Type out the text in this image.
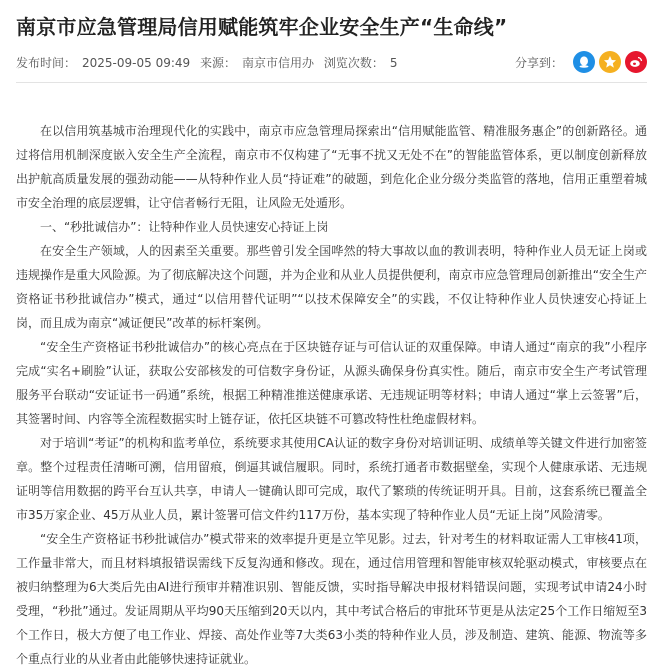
南京市应急管理局信用赋能筑牢企业安全生产“生命线”
发布时间： 2025-09-05 09:49 来源： 南京市信用办 浏览次数： 5	分享到：

在以信用筑基城市治理现代化的实践中，南京市应急管理局探索出“信用赋能监管、精准服务惠企”的创新路径。通过将信用机制深度嵌入安全生产全流程，南京市不仅构建了“无事不扰又无处不在”的智能监管体系，更以制度创新释放出护航高质量发展的强劲动能——从特种作业人员“持证难”的破题，到危化企业分级分类监管的落地，信用正重塑着城市安全治理的底层逻辑，让守信者畅行无阻，让风险无处遁形。

一、“秒批诚信办”：让特种作业人员快速安心持证上岗

在安全生产领域，人的因素至关重要。那些曾引发全国哗然的特大事故以血的教训表明，特种作业人员无证上岗或违规操作是重大风险源。为了彻底解决这个问题，并为企业和从业人员提供便利，南京市应急管理局创新推出“安全生产资格证书秒批诚信办”模式，通过“以信用替代证明”“以技术保障安全”的实践，不仅让特种作业人员快速安心持证上岗，而且成为南京“减证便民”改革的标杆案例。

“安全生产资格证书秒批诚信办”的核心亮点在于区块链存证与可信认证的双重保障。申请人通过“南京的我”小程序完成“实名+刷脸”认证，获取公安部核发的可信数字身份证，从源头确保身份真实性。随后，南京市安全生产考试管理服务平台联动“安证证书一码通”系统，根据工种精准推送健康承诺、无违规证明等材料；申请人通过“掌上云签署”后，其签署时间、内容等全流程数据实时上链存证，依托区块链不可篡改特性杜绝虚假材料。

对于培训“考证”的机构和监考单位，系统要求其使用CA认证的数字身份对培训证明、成绩单等关键文件进行加密签章。整个过程责任清晰可溯，信用留痕，倒逼其诚信履职。同时，系统打通者市数据壁垒，实现个人健康承诺、无违规证明等信用数据的跨平台互认共享，申请人一键确认即可完成，取代了繁琐的传统证明开具。目前，这套系统已覆盖全市35万家企业、45万从业人员，累计签署可信文件约117万份，基本实现了特种作业人员“无证上岗”风险清零。

“安全生产资格证书秒批诚信办”模式带来的效率提升更是立竿见影。过去，针对考生的材料取证需人工审核41项，工作量非常大，而且材料填报错误需线下反复沟通和修改。现在，通过信用管理和智能审核双轮驱动模式，审核要点在被归纳整理为6大类后先由AI进行预审并精准识别、智能反馈，实时指导解决申报材料错误问题，实现考试申请24小时受理，“秒批”通过。发证周期从平均90天压缩到20天以内，其中考试合格后的审批环节更是从法定25个工作日缩短至3个工作日，极大方便了电工作业、焊接、高处作业等7大类63小类的特种作业人员，涉及制造、建筑、能源、物流等多个重点行业的从业者由此能够快速持证就业。
